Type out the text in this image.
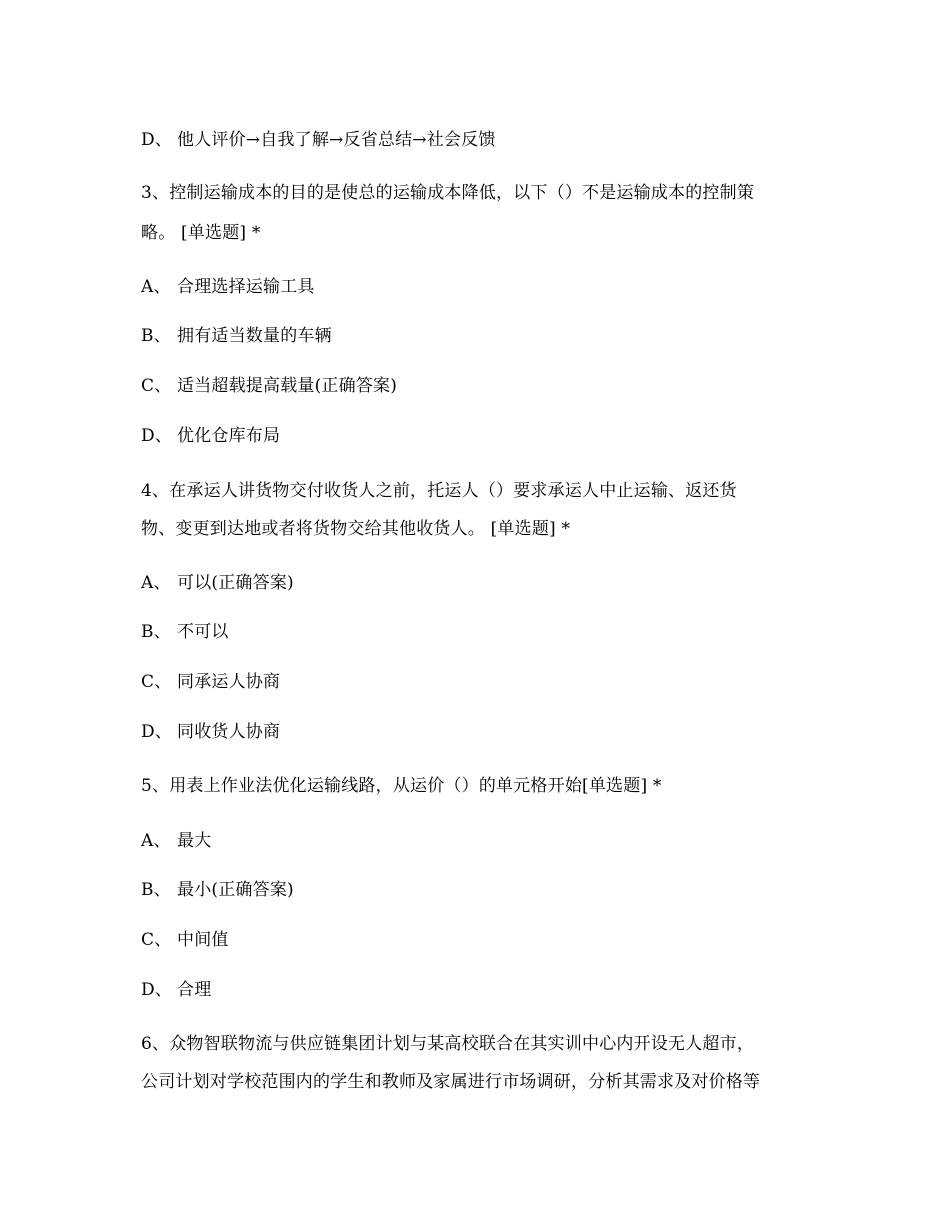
D、 他人评价→自我了解→反省总结→社会反馈
3、控制运输成本的目的是使总的运输成本降低，以下（）不是运输成本的控制策
略。 [单选题] *
A、 合理选择运输工具
B、 拥有适当数量的车辆
C、 适当超载提高载量(正确答案)
D、 优化仓库布局
4、在承运人讲货物交付收货人之前，托运人（）要求承运人中止运输、返还货
物、变更到达地或者将货物交给其他收货人。 [单选题] *
A、 可以(正确答案)
B、 不可以
C、 同承运人协商
D、 同收货人协商
5、用表上作业法优化运输线路，从运价（）的单元格开始[单选题] *
A、 最大
B、 最小(正确答案)
C、 中间值
D、 合理
6、众物智联物流与供应链集团计划与某高校联合在其实训中心内开设无人超市，
公司计划对学校范围内的学生和教师及家属进行市场调研，分析其需求及对价格等
